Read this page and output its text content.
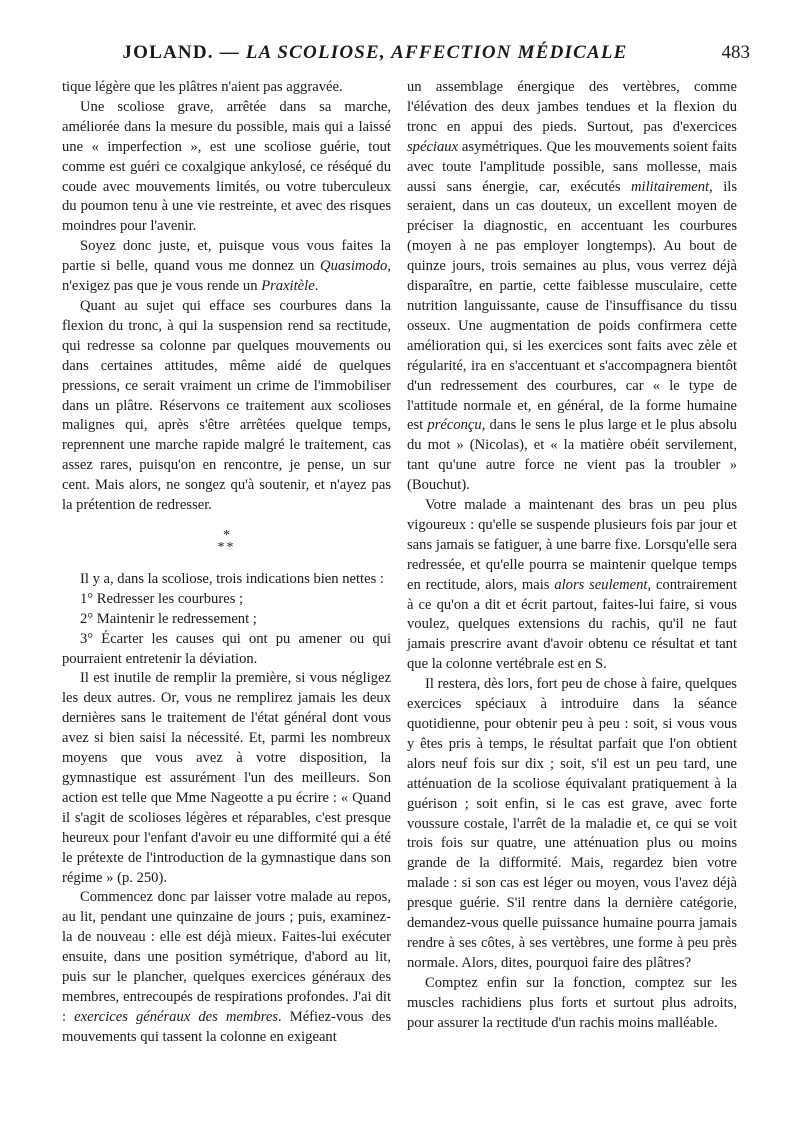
JOLAND. — LA SCOLIOSE, AFFECTION MÉDICALE	483

tique légère que les plâtres n'aient pas aggravée.

Une scoliose grave, arrêtée dans sa marche, améliorée dans la mesure du possible, mais qui a laissé une « imperfection », est une scoliose guérie, tout comme est guéri ce coxalgique ankylosé, ce réséqué du coude avec mouvements limités, ou votre tuberculeux du poumon tenu à une vie restreinte, et avec des risques moindres pour l'avenir.

Soyez donc juste, et, puisque vous vous faites la partie si belle, quand vous me donnez un Quasimodo, n'exigez pas que je vous rende un Praxitèle.

Quant au sujet qui efface ses courbures dans la flexion du tronc, à qui la suspension rend sa rectitude, qui redresse sa colonne par quelques mouvements ou dans certaines attitudes, même aidé de quelques pressions, ce serait vraiment un crime de l'immobiliser dans un plâtre. Réservons ce traitement aux scolioses malignes qui, après s'être arrêtées quelque temps, reprennent une marche rapide malgré le traitement, cas assez rares, puisqu'on en rencontre, je pense, un sur cent. Mais alors, ne songez qu'à soutenir, et n'ayez pas la prétention de redresser.

*
**

Il y a, dans la scoliose, trois indications bien nettes :

1° Redresser les courbures ;

2° Maintenir le redressement ;

3° Écarter les causes qui ont pu amener ou qui pourraient entretenir la déviation.

Il est inutile de remplir la première, si vous négligez les deux autres. Or, vous ne remplirez jamais les deux dernières sans le traitement de l'état général dont vous avez si bien saisi la nécessité. Et, parmi les nombreux moyens que vous avez à votre disposition, la gymnastique est assurément l'un des meilleurs. Son action est telle que Mme Nageotte a pu écrire : « Quand il s'agit de scolioses légères et réparables, c'est presque heureux pour l'enfant d'avoir eu une difformité qui a été le prétexte de l'introduction de la gymnastique dans son régime » (p. 250).

Commencez donc par laisser votre malade au repos, au lit, pendant une quinzaine de jours ; puis, examinez-la de nouveau : elle est déjà mieux. Faites-lui exécuter ensuite, dans une position symétrique, d'abord au lit, puis sur le plancher, quelques exercices généraux des membres, entrecoupés de respirations profondes. J'ai dit : exercices généraux des membres. Méfiez-vous des mouvements qui tassent la colonne en exigeant

un assemblage énergique des vertèbres, comme l'élévation des deux jambes tendues et la flexion du tronc en appui des pieds. Surtout, pas d'exercices spéciaux asymétriques. Que les mouvements soient faits avec toute l'amplitude possible, sans mollesse, mais aussi sans énergie, car, exécutés militairement, ils seraient, dans un cas douteux, un excellent moyen de préciser la diagnostic, en accentuant les courbures (moyen à ne pas employer longtemps). Au bout de quinze jours, trois semaines au plus, vous verrez déjà disparaître, en partie, cette faiblesse musculaire, cette nutrition languissante, cause de l'insuffisance du tissu osseux. Une augmentation de poids confirmera cette amélioration qui, si les exercices sont faits avec zèle et régularité, ira en s'accentuant et s'accompagnera bientôt d'un redressement des courbures, car « le type de l'attitude normale et, en général, de la forme humaine est préconçu, dans le sens le plus large et le plus absolu du mot » (Nicolas), et « la matière obéit servilement, tant qu'une autre force ne vient pas la troubler » (Bouchut).

Votre malade a maintenant des bras un peu plus vigoureux : qu'elle se suspende plusieurs fois par jour et sans jamais se fatiguer, à une barre fixe. Lorsqu'elle sera redressée, et qu'elle pourra se maintenir quelque temps en rectitude, alors, mais alors seulement, contrairement à ce qu'on a dit et écrit partout, faites-lui faire, si vous voulez, quelques extensions du rachis, qu'il ne faut jamais prescrire avant d'avoir obtenu ce résultat et tant que la colonne vertébrale est en S.

Il restera, dès lors, fort peu de chose à faire, quelques exercices spéciaux à introduire dans la séance quotidienne, pour obtenir peu à peu : soit, si vous vous y êtes pris à temps, le résultat parfait que l'on obtient alors neuf fois sur dix ; soit, s'il est un peu tard, une atténuation de la scoliose équivalant pratiquement à la guérison ; soit enfin, si le cas est grave, avec forte voussure costale, l'arrêt de la maladie et, ce qui se voit trois fois sur quatre, une atténuation plus ou moins grande de la difformité. Mais, regardez bien votre malade : si son cas est léger ou moyen, vous l'avez déjà presque guérie. S'il rentre dans la dernière catégorie, demandez-vous quelle puissance humaine pourra jamais rendre à ses côtes, à ses vertèbres, une forme à peu près normale. Alors, dites, pourquoi faire des plâtres?

Comptez enfin sur la fonction, comptez sur les muscles rachidiens plus forts et surtout plus adroits, pour assurer la rectitude d'un rachis moins malléable.
